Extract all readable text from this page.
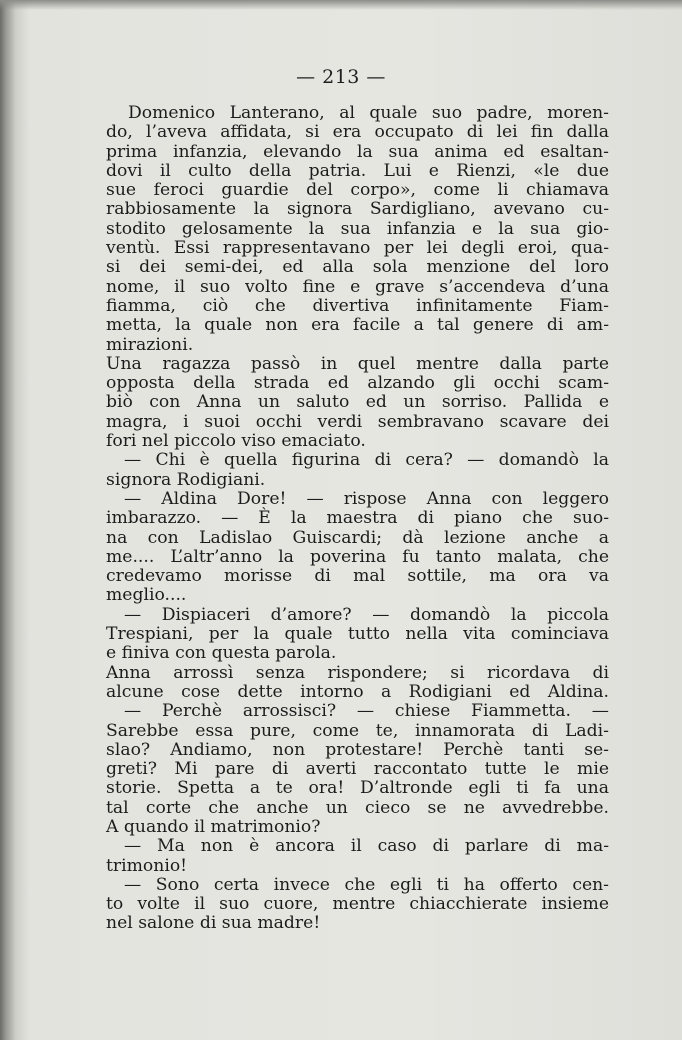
— 213 —
Domenico Lanterano, al quale suo padre, moren-
do, l’aveva affidata, si era occupato di lei fin dalla
prima infanzia, elevando la sua anima ed esaltan-
dovi il culto della patria. Lui e Rienzi, «le due
sue feroci guardie del corpo», come li chiamava
rabbiosamente la signora Sardigliano, avevano cu-
stodito gelosamente la sua infanzia e la sua gio-
ventù. Essi rappresentavano per lei degli eroi, qua-
si dei semi-dei, ed alla sola menzione del loro
nome, il suo volto fine e grave s’accendeva d’una
fiamma, ciò che divertiva infinitamente Fiam-
metta, la quale non era facile a tal genere di am-
mirazioni.
Una ragazza passò in quel mentre dalla parte
opposta della strada ed alzando gli occhi scam-
biò con Anna un saluto ed un sorriso. Pallida e
magra, i suoi occhi verdi sembravano scavare dei
fori nel piccolo viso emaciato.
— Chi è quella figurina di cera? — domandò la
signora Rodigiani.
— Aldina Dore! — rispose Anna con leggero
imbarazzo. — È la maestra di piano che suo-
na con Ladislao Guiscardi; dà lezione anche a
me.... L’altr’anno la poverina fu tanto malata, che
credevamo morisse di mal sottile, ma ora va
meglio....
— Dispiaceri d’amore? — domandò la piccola
Trespiani, per la quale tutto nella vita cominciava
e finiva con questa parola.
Anna arrossì senza rispondere; si ricordava di
alcune cose dette intorno a Rodigiani ed Aldina.
— Perchè arrossisci? — chiese Fiammetta. —
Sarebbe essa pure, come te, innamorata di Ladi-
slao? Andiamo, non protestare! Perchè tanti se-
greti? Mi pare di averti raccontato tutte le mie
storie. Spetta a te ora! D’altronde egli ti fa una
tal corte che anche un cieco se ne avvedrebbe.
A quando il matrimonio?
— Ma non è ancora il caso di parlare di ma-
trimonio!
— Sono certa invece che egli ti ha offerto cen-
to volte il suo cuore, mentre chiacchierate insieme
nel salone di sua madre!
